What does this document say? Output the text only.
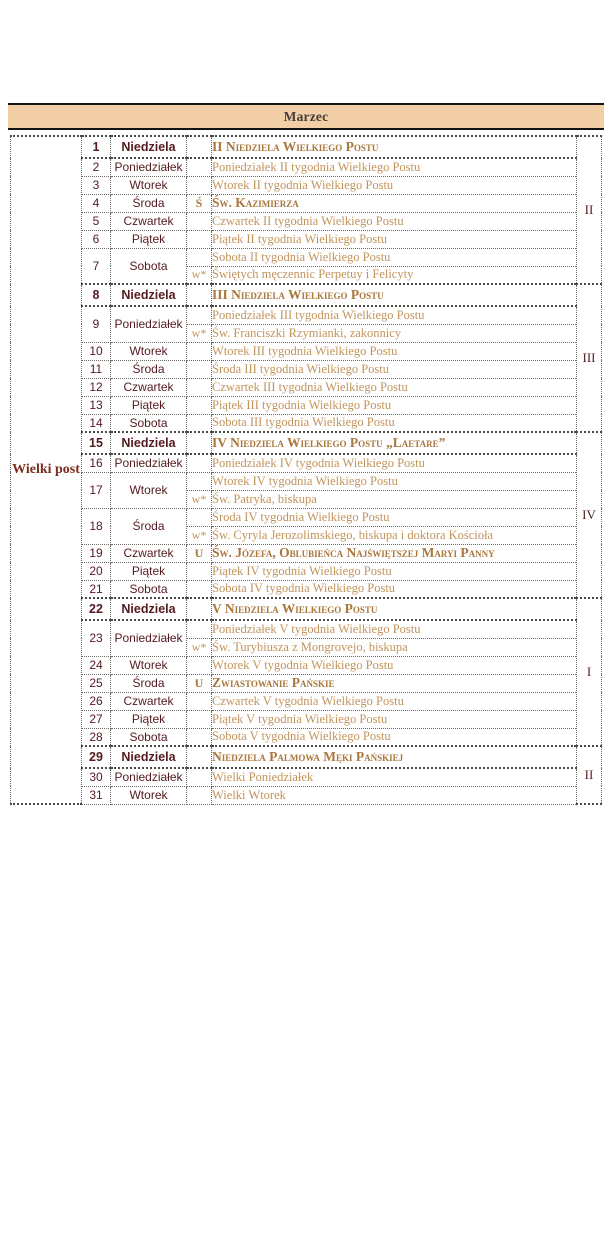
Marzec
Wielki post	1	Niedziela		II Niedziela Wielkiego Postu	II
	2	Poniedziałek		Poniedziałek II tygodnia Wielkiego Postu	
	3	Wtorek		Wtorek II tygodnia Wielkiego Postu	
	4	Środa	Ś	Św. Kazimierza	
	5	Czwartek		Czwartek II tygodnia Wielkiego Postu	
	6	Piątek		Piątek II tygodnia Wielkiego Postu	
	7	Sobota		Sobota II tygodnia Wielkiego Postu	
			w*	Świętych męczennic Perpetuy i Felicyty	
	8	Niedziela		III Niedziela Wielkiego Postu	III
	9	Poniedziałek		Poniedziałek III tygodnia Wielkiego Postu	
			w*	Św. Franciszki Rzymianki, zakonnicy	
	10	Wtorek		Wtorek III tygodnia Wielkiego Postu	
	11	Środa		Środa III tygodnia Wielkiego Postu	
	12	Czwartek		Czwartek III tygodnia Wielkiego Postu	
	13	Piątek		Piątek III tygodnia Wielkiego Postu	
	14	Sobota		Sobota III tygodnia Wielkiego Postu	
	15	Niedziela		IV Niedziela Wielkiego Postu „Laetare”	IV
	16	Poniedziałek		Poniedziałek IV tygodnia Wielkiego Postu	
	17	Wtorek		Wtorek IV tygodnia Wielkiego Postu	
			w*	Św. Patryka, biskupa	
	18	Środa		Środa IV tygodnia Wielkiego Postu	
			w*	Św. Cyryla Jerozolimskiego, biskupa i doktora Kościoła	
	19	Czwartek	U	Św. Józefa, Oblubieńca Najświętszej Maryi Panny	
	20	Piątek		Piątek IV tygodnia Wielkiego Postu	
	21	Sobota		Sobota IV tygodnia Wielkiego Postu	
	22	Niedziela		V Niedziela Wielkiego Postu	I
	23	Poniedziałek		Poniedziałek V tygodnia Wielkiego Postu	
			w*	Św. Turybiusza z Mongrovejo, biskupa	
	24	Wtorek		Wtorek V tygodnia Wielkiego Postu	
	25	Środa	U	Zwiastowanie Pańskie	
	26	Czwartek		Czwartek V tygodnia Wielkiego Postu	
	27	Piątek		Piątek V tygodnia Wielkiego Postu	
	28	Sobota		Sobota V tygodnia Wielkiego Postu	
	29	Niedziela		Niedziela Palmowa Męki Pańskiej	II
	30	Poniedziałek		Wielki Poniedziałek	
	31	Wtorek		Wielki Wtorek	
